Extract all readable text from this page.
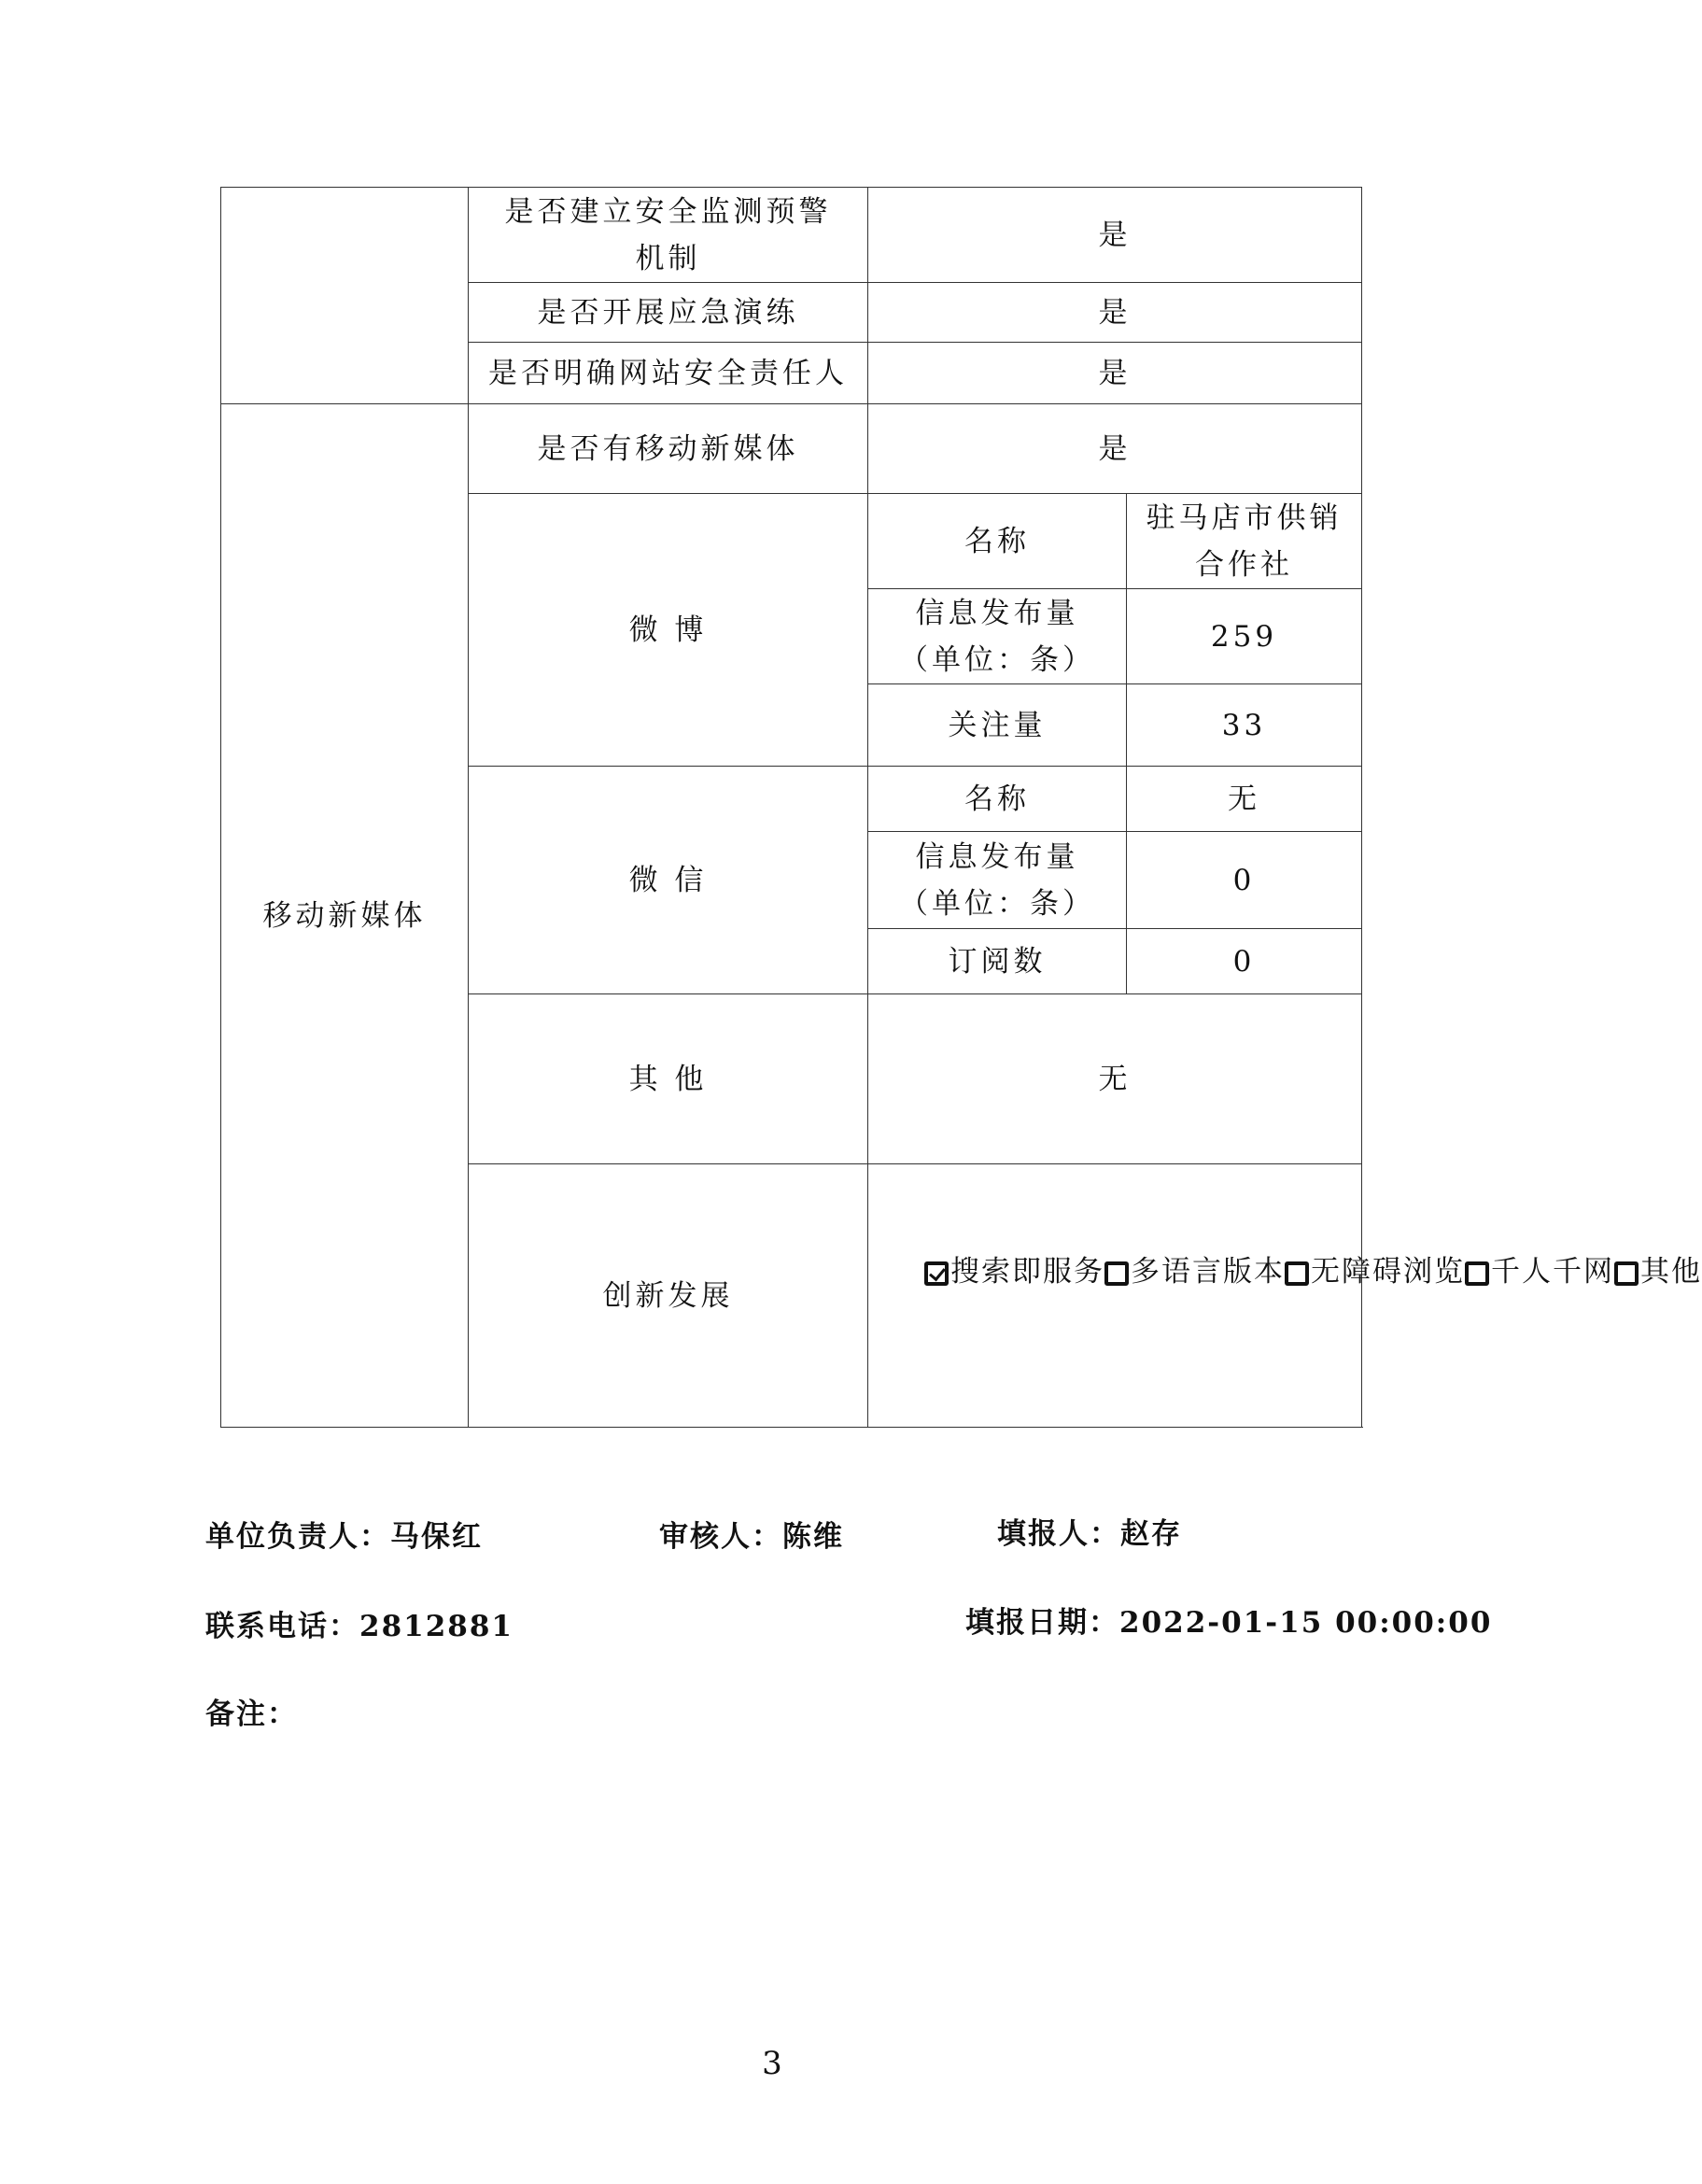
	是否建立安全监测预警
机制	是	
	是否开展应急演练	是	
	是否明确网站安全责任人	是	
移动新媒体	是否有移动新媒体	是	
	微 博	名称	驻马店市供销
合作社
		信息发布量
（单位：条）	259
		关注量	33
	微 信	名称	无
		信息发布量
（单位：条）	0
		订阅数	0
	其 他	无	
	创新发展	搜索即服务 多语言版本 无障碍浏览 千人千网 其他	
单位负责人：马保红	审核人：陈维	填报人：赵存
联系电话：2812881	填报日期：2022-01-15 00:00:00
备注：
3
